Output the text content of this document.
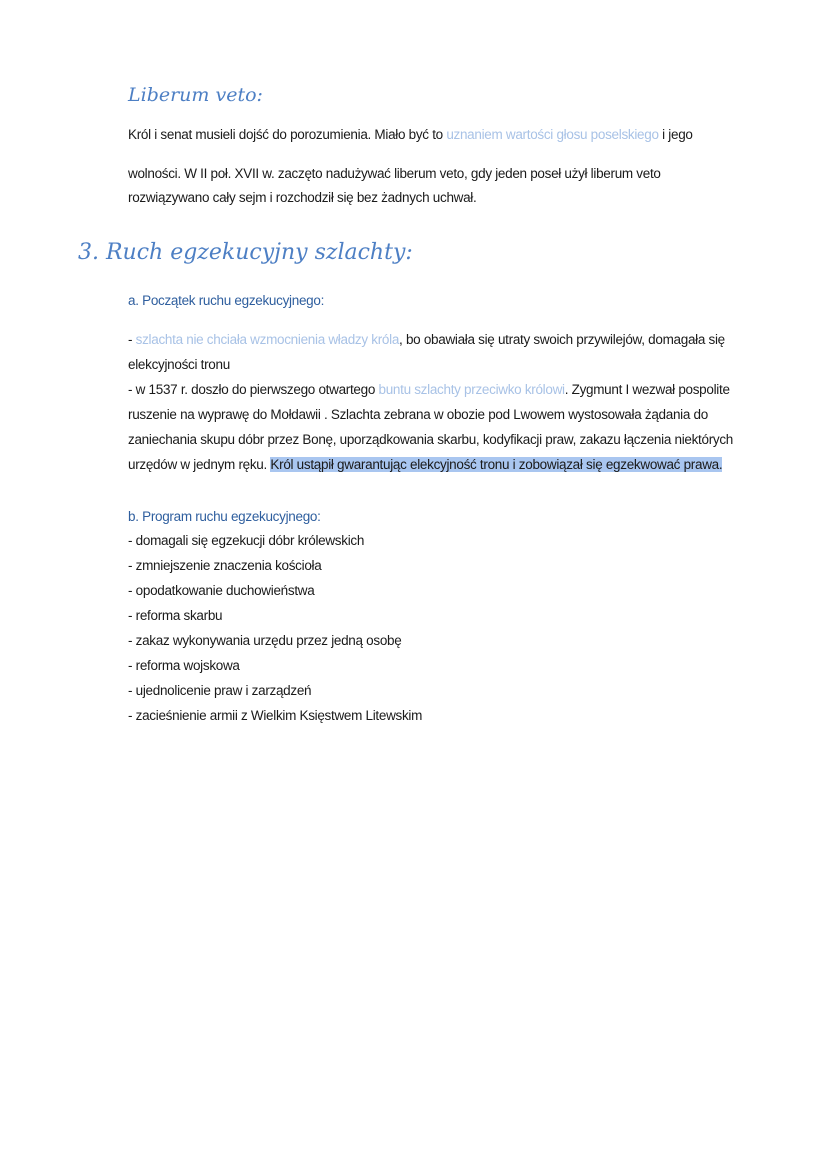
Liberum veto:
Król i senat musieli dojść do porozumienia. Miało być to uznaniem wartości głosu poselskiego i jego
wolności. W II poł. XVII w. zaczęto nadużywać liberum veto, gdy jeden poseł użył liberum veto
rozwiązywano cały sejm i rozchodził się bez żadnych uchwał.
3. Ruch egzekucyjny szlachty:
a. Początek ruchu egzekucyjnego:
- szlachta nie chciała wzmocnienia władzy króla, bo obawiała się utraty swoich przywilejów, domagała się
elekcyjności tronu
- w 1537 r. doszło do pierwszego otwartego buntu szlachty przeciwko królowi. Zygmunt I wezwał pospolite
ruszenie na wyprawę do Mołdawii . Szlachta zebrana w obozie pod Lwowem wystosowała żądania do
zaniechania skupu dóbr przez Bonę, uporządkowania skarbu, kodyfikacji praw, zakazu łączenia niektórych
urzędów w jednym ręku. Król ustąpił gwarantując elekcyjność tronu i zobowiązał się egzekwować prawa.
b. Program ruchu egzekucyjnego:
- domagali się egzekucji dóbr królewskich
- zmniejszenie znaczenia kościoła
- opodatkowanie duchowieństwa
- reforma skarbu
- zakaz wykonywania urzędu przez jedną osobę
- reforma wojskowa
- ujednolicenie praw i zarządzeń
- zacieśnienie armii z Wielkim Księstwem Litewskim
